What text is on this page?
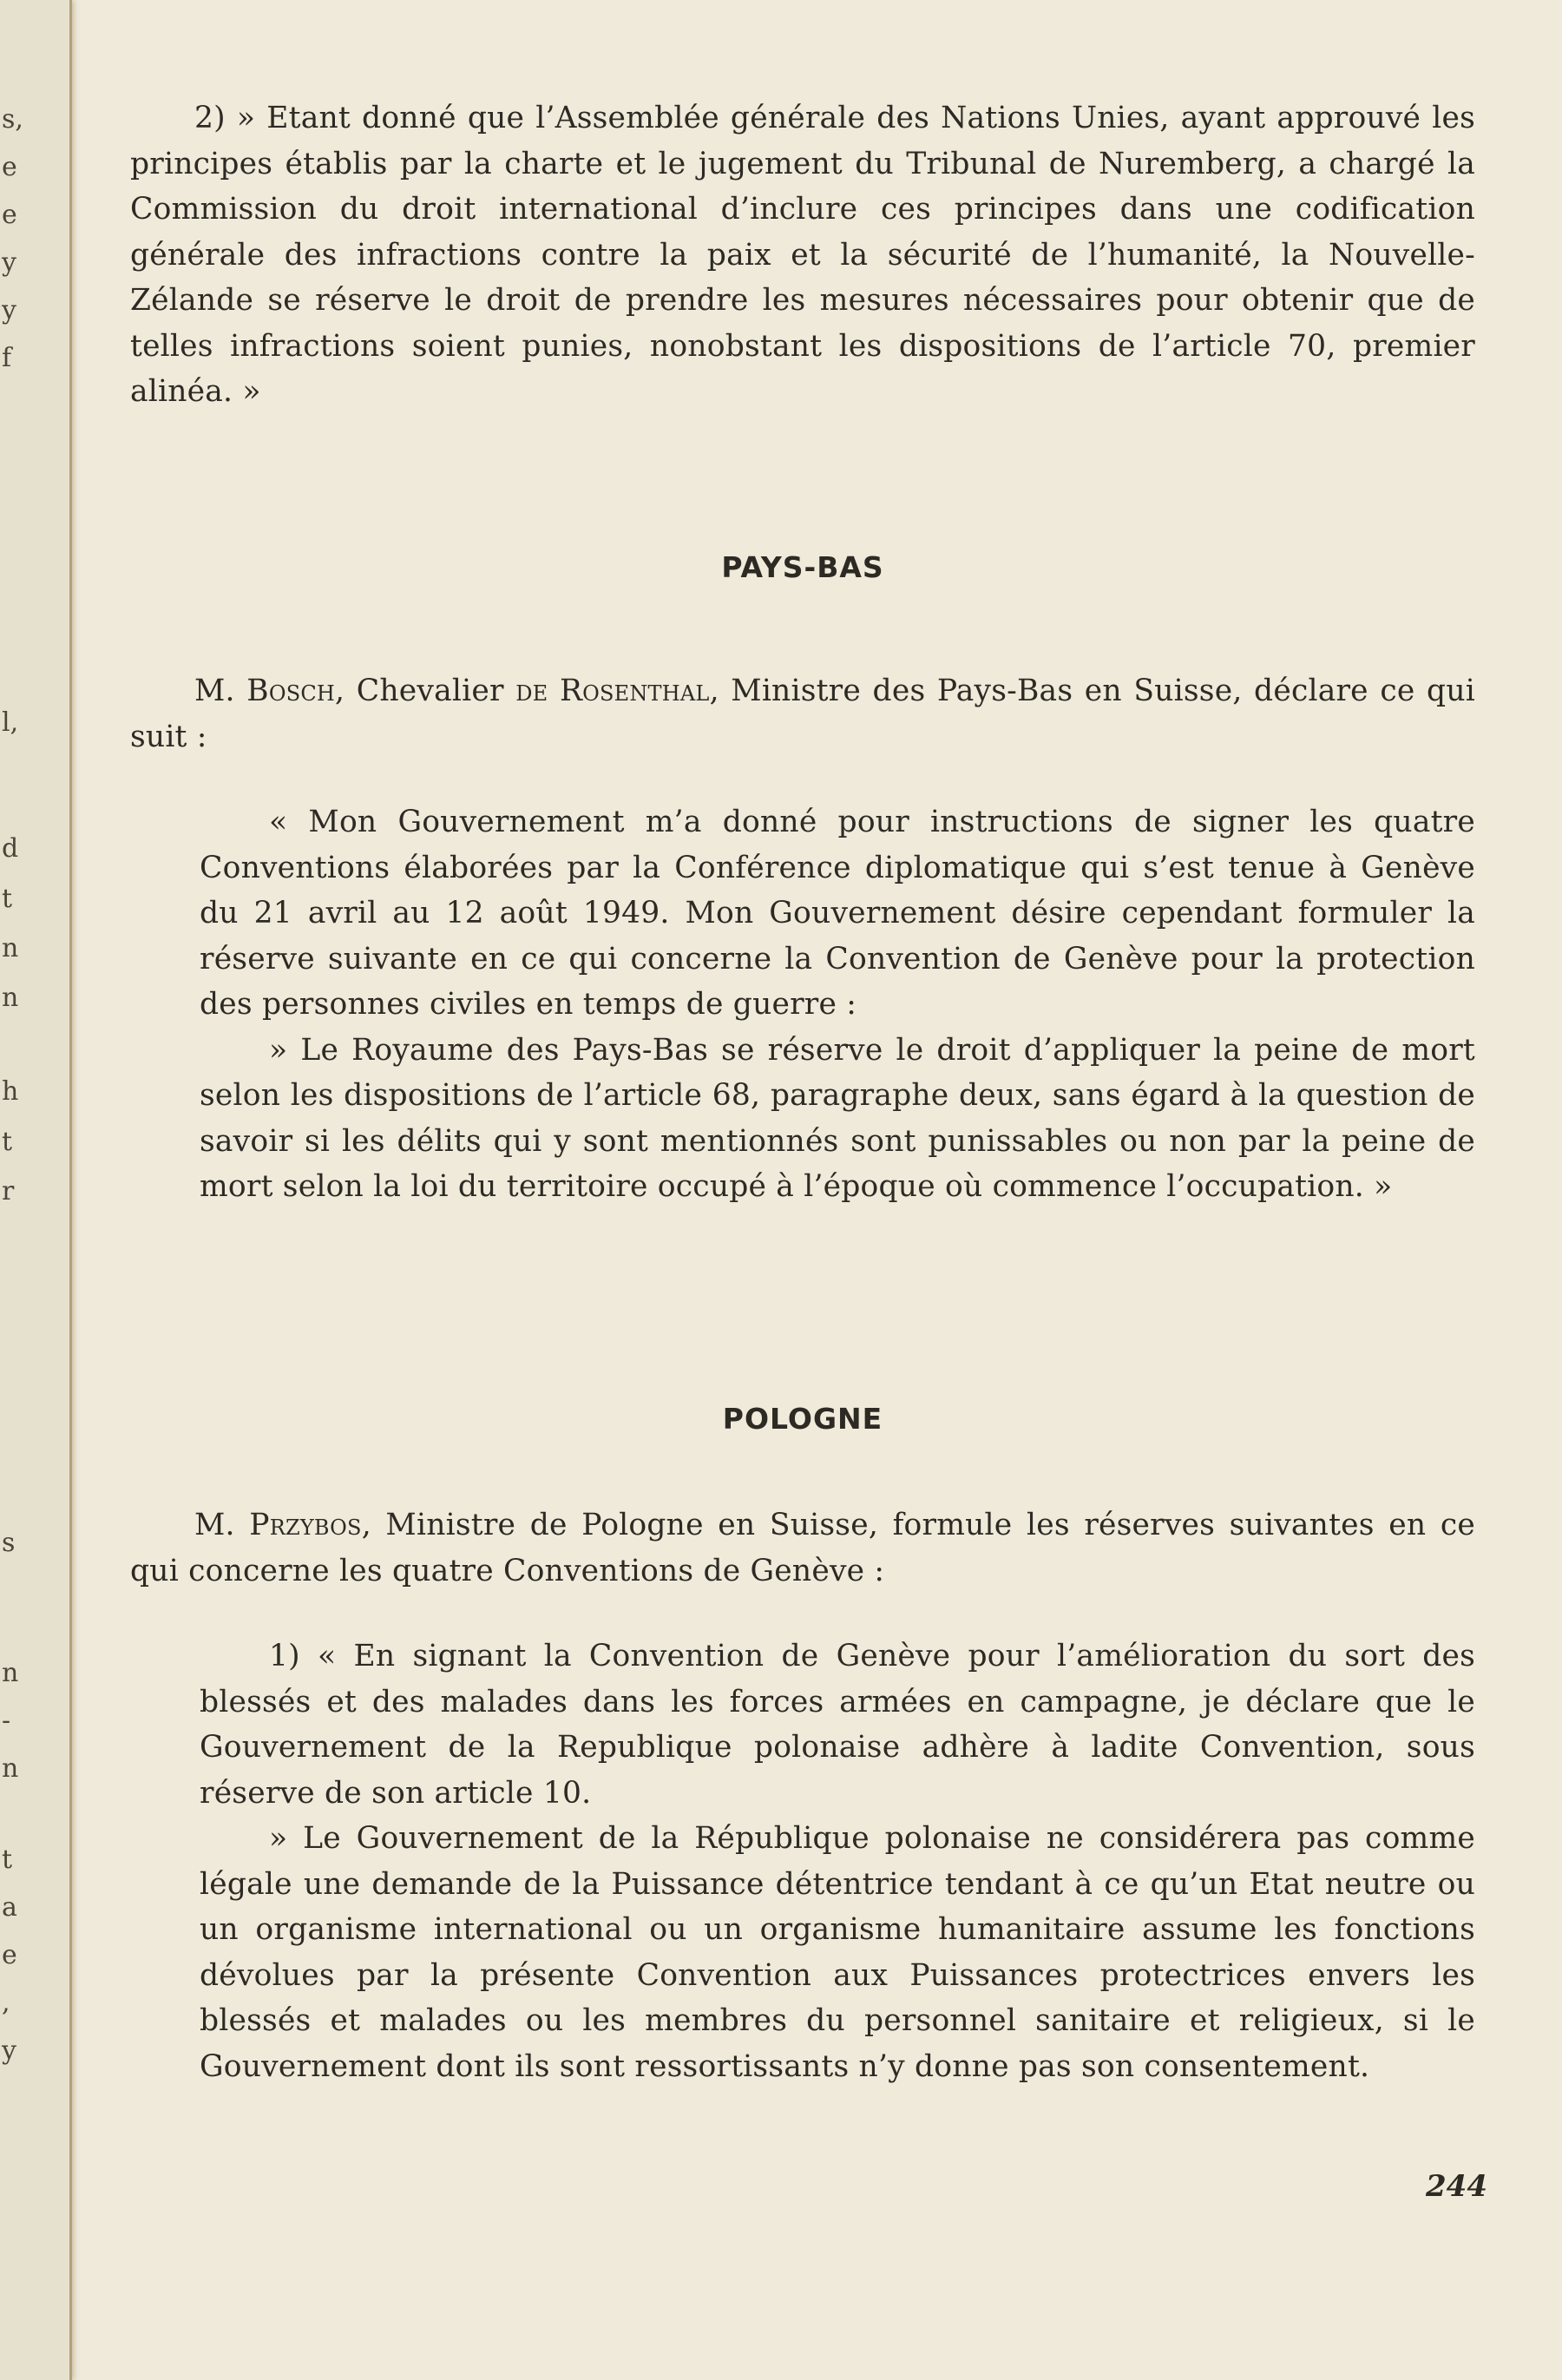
s,
e
e
y
y
f
l,
d
t
n
n
h
t
r
s
n
-
n
t
a
e
,
y

2) » Etant donné que l’Assemblée générale des Nations Unies, ayant approuvé les principes établis par la charte et le jugement du Tribunal de Nuremberg, a chargé la Commission du droit international d’inclure ces principes dans une codification générale des infractions contre la paix et la sécurité de l’humanité, la Nouvelle-Zélande se réserve le droit de prendre les mesures nécessaires pour obtenir que de telles infractions soient punies, nonobstant les dispositions de l’article 70, premier alinéa. »

PAYS-BAS

M. Bosch, Chevalier de Rosenthal, Ministre des Pays-Bas en Suisse, déclare ce qui suit :

« Mon Gouvernement m’a donné pour instructions de signer les quatre Conventions élaborées par la Conférence diplomatique qui s’est tenue à Genève du 21 avril au 12 août 1949. Mon Gouvernement désire cependant formuler la réserve suivante en ce qui concerne la Convention de Genève pour la protection des personnes civiles en temps de guerre :

» Le Royaume des Pays-Bas se réserve le droit d’appliquer la peine de mort selon les dispositions de l’article 68, paragraphe deux, sans égard à la question de savoir si les délits qui y sont mentionnés sont punissables ou non par la peine de mort selon la loi du territoire occupé à l’époque où commence l’occupation. »

POLOGNE

M. Przybos, Ministre de Pologne en Suisse, formule les réserves suivantes en ce qui concerne les quatre Conventions de Genève :

1) « En signant la Convention de Genève pour l’amélioration du sort des blessés et des malades dans les forces armées en campagne, je déclare que le Gouvernement de la Republique polonaise adhère à ladite Convention, sous réserve de son article 10.

» Le Gouvernement de la République polonaise ne considérera pas comme légale une demande de la Puissance détentrice tendant à ce qu’un Etat neutre ou un organisme international ou un organisme humanitaire assume les fonctions dévolues par la présente Convention aux Puissances protectrices envers les blessés et malades ou les membres du personnel sanitaire et religieux, si le Gouvernement dont ils sont ressortissants n’y donne pas son consentement.

244
